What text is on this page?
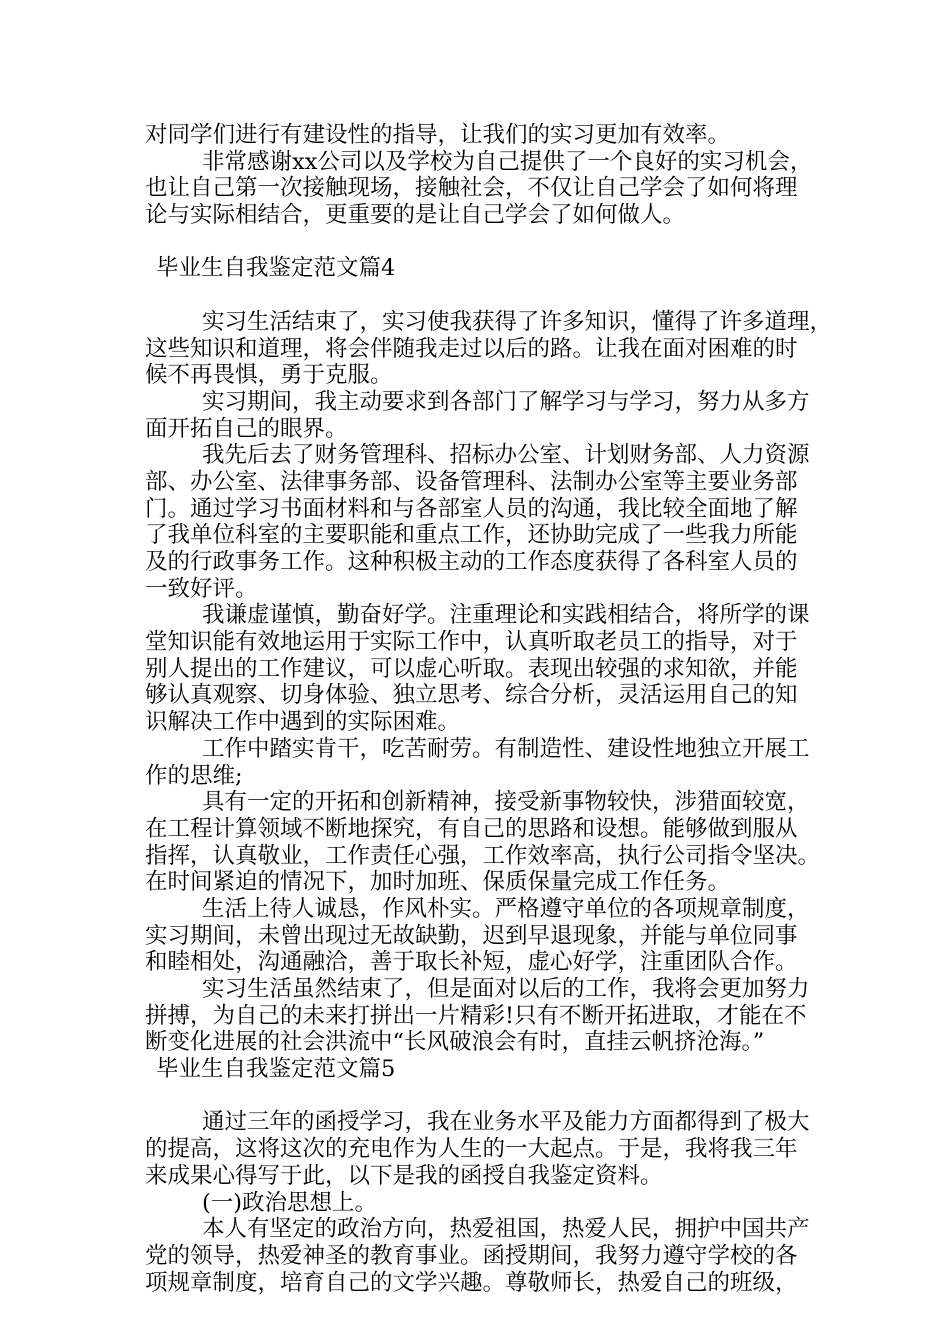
对同学们进行有建设性的指导，让我们的实习更加有效率。
非常感谢xx公司以及学校为自己提供了一个良好的实习机会，
也让自己第一次接触现场，接触社会，不仅让自己学会了如何将理
论与实际相结合，更重要的是让自己学会了如何做人。
毕业生自我鉴定范文篇4
实习生活结束了，实习使我获得了许多知识，懂得了许多道理，
这些知识和道理，将会伴随我走过以后的路。让我在面对困难的时
候不再畏惧，勇于克服。
实习期间，我主动要求到各部门了解学习与学习，努力从多方
面开拓自己的眼界。
我先后去了财务管理科、招标办公室、计划财务部、人力资源
部、办公室、法律事务部、设备管理科、法制办公室等主要业务部
门。通过学习书面材料和与各部室人员的沟通，我比较全面地了解
了我单位科室的主要职能和重点工作，还协助完成了一些我力所能
及的行政事务工作。这种积极主动的工作态度获得了各科室人员的
一致好评。
我谦虚谨慎，勤奋好学。注重理论和实践相结合，将所学的课
堂知识能有效地运用于实际工作中，认真听取老员工的指导，对于
别人提出的工作建议，可以虚心听取。表现出较强的求知欲，并能
够认真观察、切身体验、独立思考、综合分析，灵活运用自己的知
识解决工作中遇到的实际困难。
工作中踏实肯干，吃苦耐劳。有制造性、建设性地独立开展工
作的思维;
具有一定的开拓和创新精神，接受新事物较快，涉猎面较宽，
在工程计算领域不断地探究，有自己的思路和设想。能够做到服从
指挥，认真敬业，工作责任心强，工作效率高，执行公司指令坚决。
在时间紧迫的情况下，加时加班、保质保量完成工作任务。
生活上待人诚恳，作风朴实。严格遵守单位的各项规章制度，
实习期间，未曾出现过无故缺勤，迟到早退现象，并能与单位同事
和睦相处，沟通融洽，善于取长补短，虚心好学，注重团队合作。
实习生活虽然结束了，但是面对以后的工作，我将会更加努力
拼搏，为自己的未来打拼出一片精彩!只有不断开拓进取，才能在不
断变化进展的社会洪流中“长风破浪会有时，直挂云帆挤沧海。”
毕业生自我鉴定范文篇5
通过三年的函授学习，我在业务水平及能力方面都得到了极大
的提高，这将这次的充电作为人生的一大起点。于是，我将我三年
来成果心得写于此，以下是我的函授自我鉴定资料。
(一)政治思想上。
本人有坚定的政治方向，热爱祖国，热爱人民，拥护中国共产
党的领导，热爱神圣的教育事业。函授期间，我努力遵守学校的各
项规章制度，培育自己的文学兴趣。尊敬师长，热爱自己的班级，
